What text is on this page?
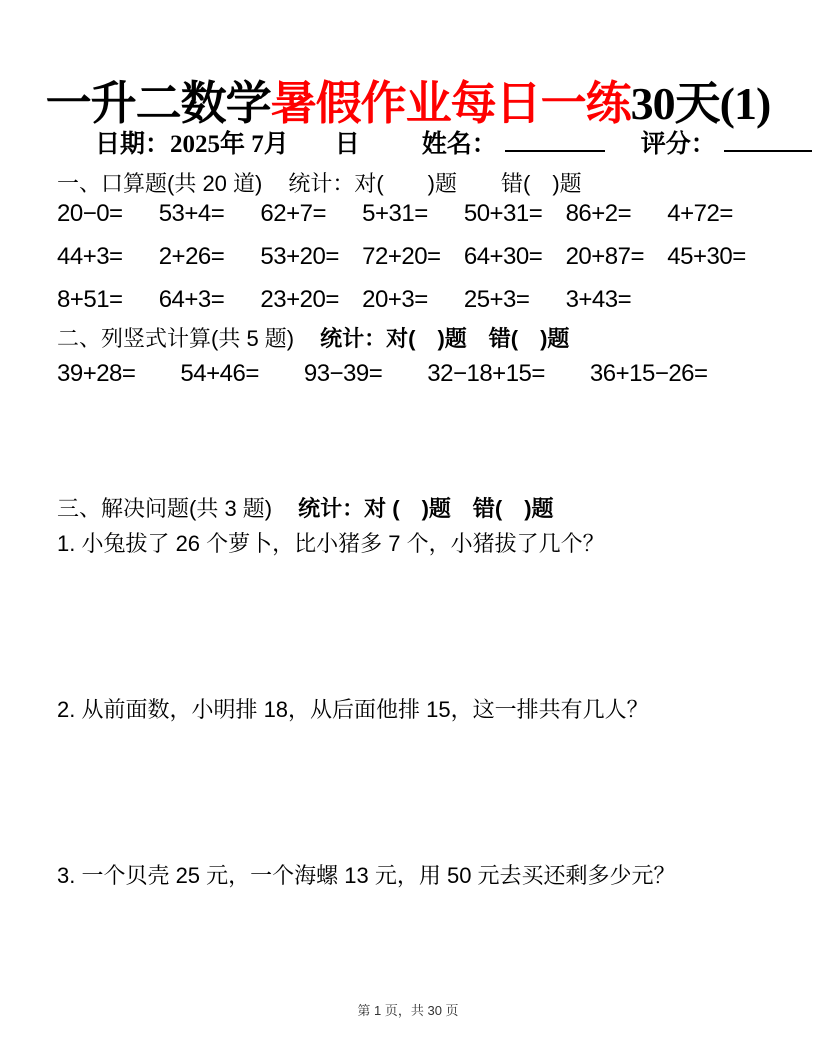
一升二数学暑假作业每日一练30天(1)
日期：2025年 7月 日 姓名：	评分：
一、口算题(共 20 道) 统计：对(　　)题　　错(　)题
20−0=	53+4=	62+7=	5+31=	50+31= 86+2=	4+72=
44+3=	2+26=	53+20= 72+20= 64+30= 20+87= 45+30=
8+51=	64+3=	23+20= 20+3=	25+3=	3+43=
二、列竖式计算(共 5 题) 统计：对(　)题　错(　)题
39+28= 54+46= 93−39= 32−18+15= 36+15−26=
三、解决问题(共 3 题) 统计：对 (　)题　错(　)题
1. 小兔拔了 26 个萝卜，比小猪多 7 个，小猪拔了几个？
2. 从前面数，小明排 18，从后面他排 15，这一排共有几人？
3. 一个贝壳 25 元，一个海螺 13 元，用 50 元去买还剩多少元？
第 1 页，共 30 页
